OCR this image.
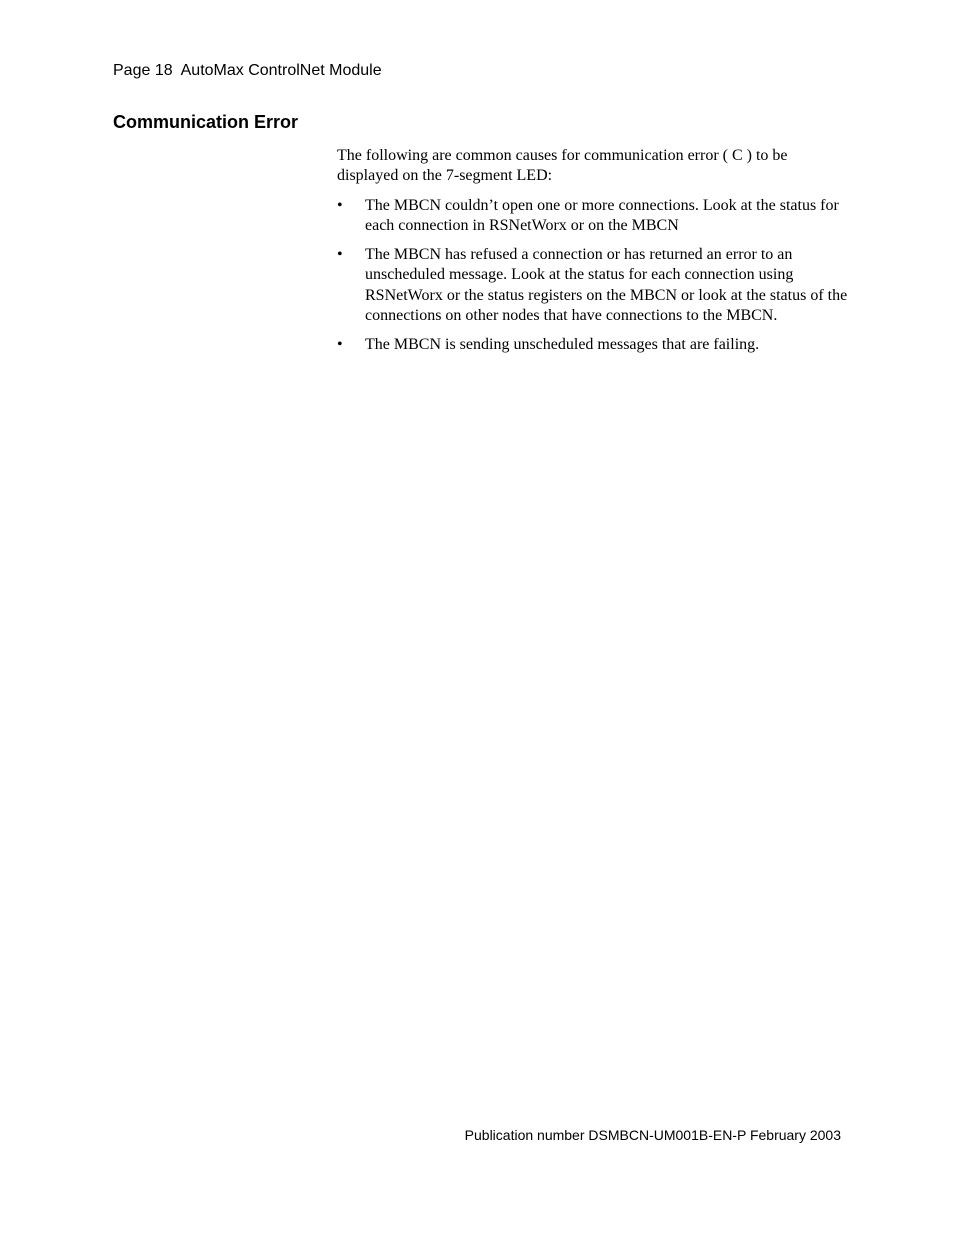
Page 18  AutoMax ControlNet Module
Communication Error

The following are common causes for communication error ( C ) to be displayed on the 7-segment LED:

•	The MBCN couldn’t open one or more connections. Look at the status for each connection in RSNetWorx or on the MBCN
•	The MBCN has refused a connection or has returned an error to an unscheduled message. Look at the status for each connection using RSNetWorx or the status registers on the MBCN or look at the status of the connections on other nodes that have connections to the MBCN.
•	The MBCN is sending unscheduled messages that are failing.
Publication number DSMBCN-UM001B-EN-P February 2003
